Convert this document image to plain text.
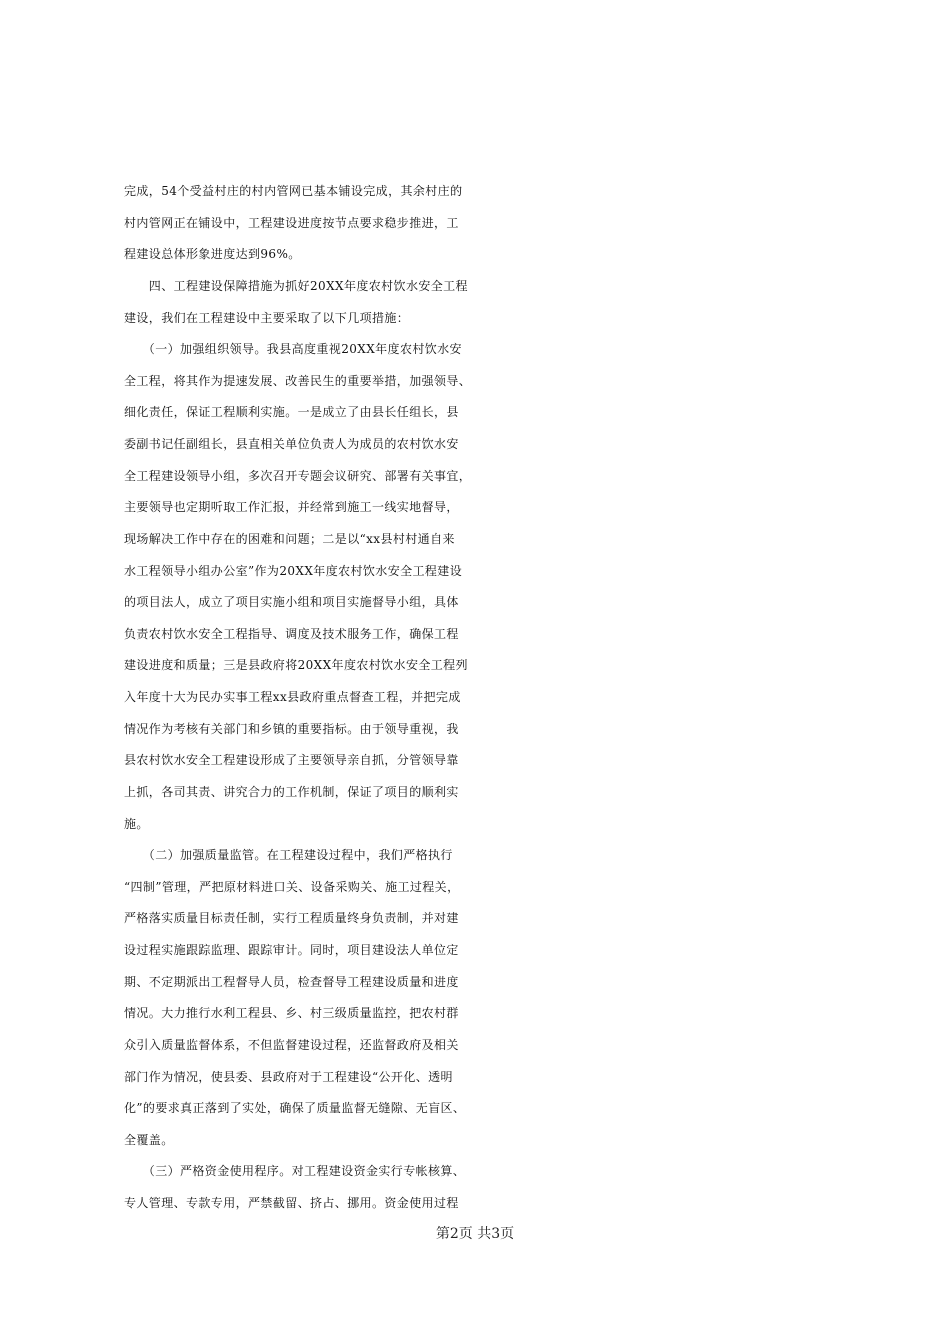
完成，54个受益村庄的村内管网已基本铺设完成，其余村庄的
村内管网正在铺设中，工程建设进度按节点要求稳步推进，工
程建设总体形象进度达到96%。
　　四、工程建设保障措施为抓好20XX年度农村饮水安全工程
建设，我们在工程建设中主要采取了以下几项措施：
　　（一）加强组织领导。我县高度重视20XX年度农村饮水安
全工程，将其作为提速发展、改善民生的重要举措，加强领导、
细化责任，保证工程顺利实施。一是成立了由县长任组长，县
委副书记任副组长，县直相关单位负责人为成员的农村饮水安
全工程建设领导小组，多次召开专题会议研究、部署有关事宜，
主要领导也定期听取工作汇报，并经常到施工一线实地督导，
现场解决工作中存在的困难和问题；二是以“xx县村村通自来
水工程领导小组办公室”作为20XX年度农村饮水安全工程建设
的项目法人，成立了项目实施小组和项目实施督导小组，具体
负责农村饮水安全工程指导、调度及技术服务工作，确保工程
建设进度和质量；三是县政府将20XX年度农村饮水安全工程列
入年度十大为民办实事工程xx县政府重点督查工程，并把完成
情况作为考核有关部门和乡镇的重要指标。由于领导重视，我
县农村饮水安全工程建设形成了主要领导亲自抓，分管领导靠
上抓，各司其责、讲究合力的工作机制，保证了项目的顺利实
施。
　　（二）加强质量监管。在工程建设过程中，我们严格执行
“四制”管理，严把原材料进口关、设备采购关、施工过程关，
严格落实质量目标责任制，实行工程质量终身负责制，并对建
设过程实施跟踪监理、跟踪审计。同时，项目建设法人单位定
期、不定期派出工程督导人员，检查督导工程建设质量和进度
情况。大力推行水利工程县、乡、村三级质量监控，把农村群
众引入质量监督体系，不但监督建设过程，还监督政府及相关
部门作为情况，使县委、县政府对于工程建设“公开化、透明
化”的要求真正落到了实处，确保了质量监督无缝隙、无盲区、
全覆盖。
　　（三）严格资金使用程序。对工程建设资金实行专帐核算、
专人管理、专款专用，严禁截留、挤占、挪用。资金使用过程
第2页 共3页
